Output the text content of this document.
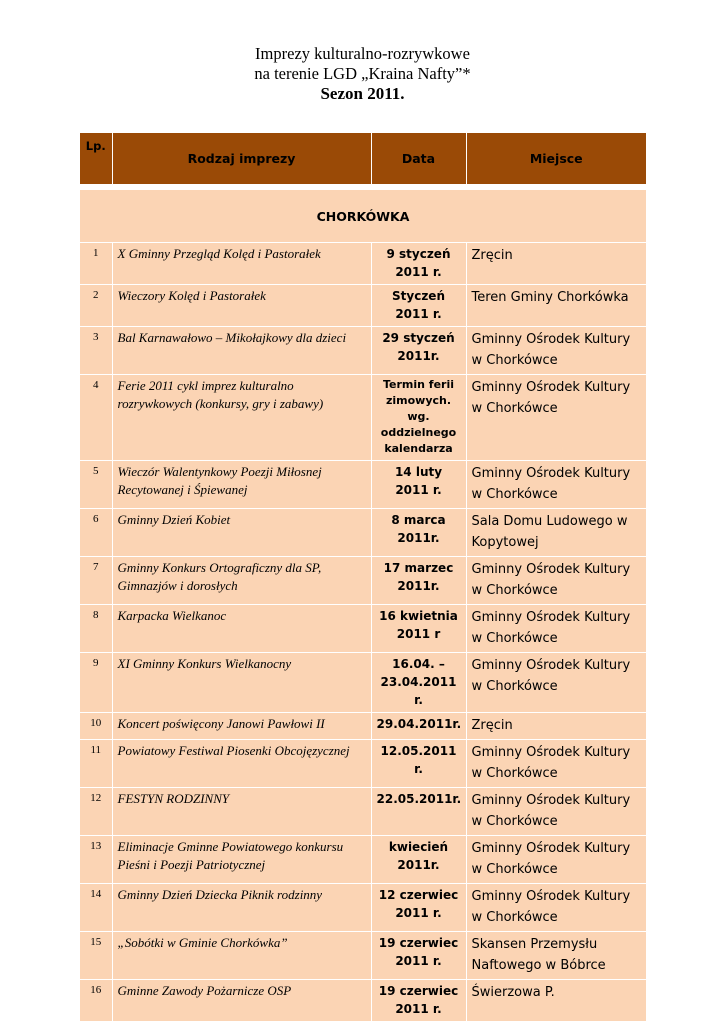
Imprezy kulturalno-rozrywkowe
na terenie LGD „Kraina Nafty”*
Sezon 2011.
Lp.	Rodzaj imprezy	Data	Miejsce

CHORKÓWKA			
1	X Gminny Przegląd Kolęd i Pastorałek	9 styczeń 2011 r.	Zręcin
2	Wieczory Kolęd i Pastorałek	Styczeń 2011 r.	Teren Gminy Chorkówka
3	Bal Karnawałowo – Mikołajkowy dla dzieci	29 styczeń 2011r.	Gminny Ośrodek Kultury w Chorkówce
4	Ferie 2011 cykl imprez kulturalno rozrywkowych (konkursy, gry i zabawy)	Termin ferii zimowych. wg. oddzielnego kalendarza	Gminny Ośrodek Kultury w Chorkówce
5	Wieczór Walentynkowy Poezji Miłosnej Recytowanej i Śpiewanej	14 luty 2011 r.	Gminny Ośrodek Kultury w Chorkówce
6	Gminny Dzień Kobiet	8 marca 2011r.	Sala Domu Ludowego w Kopytowej
7	Gminny Konkurs Ortograficzny dla SP, Gimnazjów i dorosłych	17 marzec 2011r.	Gminny Ośrodek Kultury w Chorkówce
8	Karpacka Wielkanoc	16 kwietnia 2011 r	Gminny Ośrodek Kultury w Chorkówce
9	XI Gminny Konkurs Wielkanocny	16.04. – 23.04.2011 r.	Gminny Ośrodek Kultury w Chorkówce
10	Koncert poświęcony Janowi Pawłowi II	29.04.2011r.	Zręcin
11	Powiatowy Festiwal Piosenki Obcojęzycznej	12.05.2011 r.	Gminny Ośrodek Kultury w Chorkówce
12	FESTYN RODZINNY	22.05.2011r.	Gminny Ośrodek Kultury w Chorkówce
13	Eliminacje Gminne Powiatowego konkursu Pieśni i Poezji Patriotycznej	kwiecień 2011r.	Gminny Ośrodek Kultury w Chorkówce
14	Gminny Dzień Dziecka Piknik rodzinny	12 czerwiec 2011 r.	Gminny Ośrodek Kultury w Chorkówce
15	„Sobótki w Gminie Chorkówka”	19 czerwiec 2011 r.	Skansen Przemysłu Naftowego w Bóbrce
16	Gminne Zawody Pożarnicze OSP	19 czerwiec 2011 r.	Świerzowa P.
